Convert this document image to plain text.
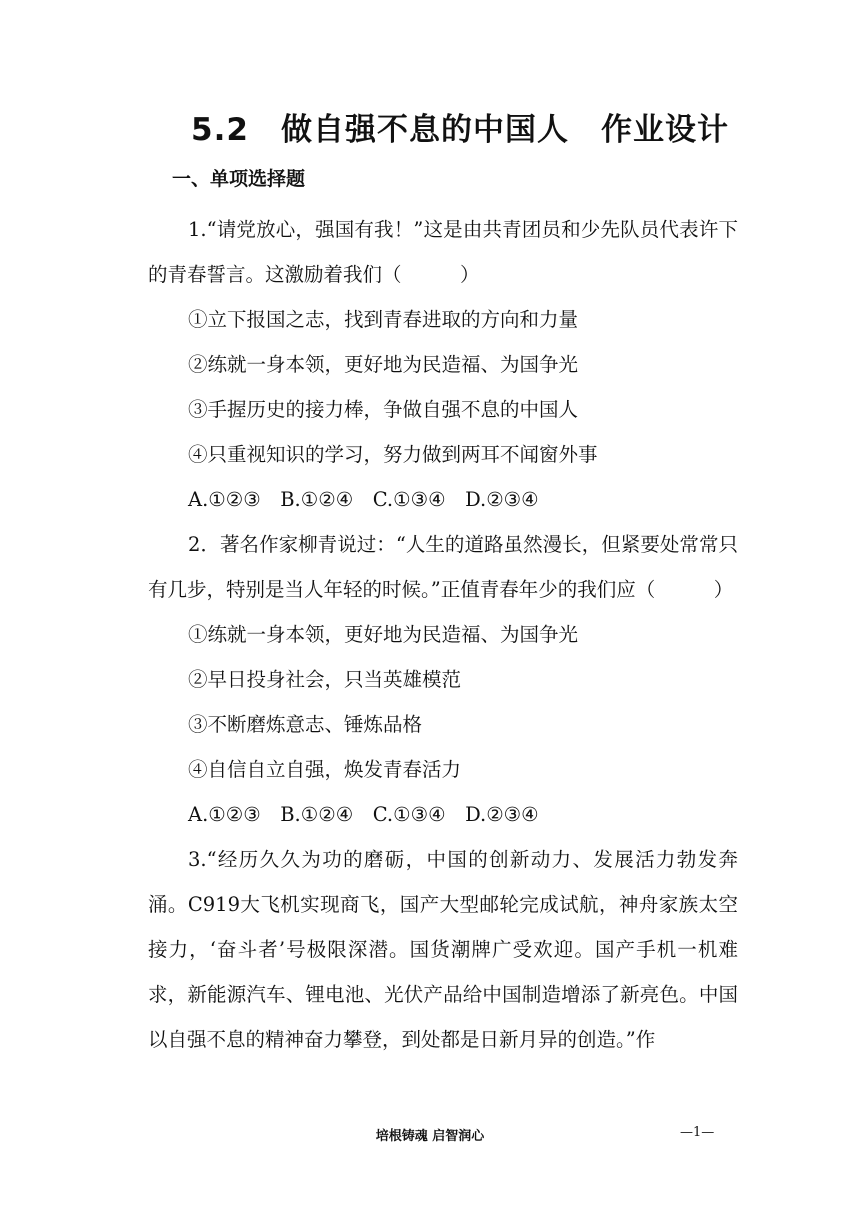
5.2　做自强不息的中国人　作业设计
一、单项选择题

1.“请党放心，强国有我！”这是由共青团员和少先队员代表许下的青春誓言。这激励着我们（　　　）

①立下报国之志，找到青春进取的方向和力量

②练就一身本领，更好地为民造福、为国争光

③手握历史的接力棒，争做自强不息的中国人

④只重视知识的学习，努力做到两耳不闻窗外事

A.①②③　B.①②④　C.①③④　D.②③④

2．著名作家柳青说过：“人生的道路虽然漫长，但紧要处常常只有几步，特别是当人年轻的时候。”正值青春年少的我们应（　　　）

①练就一身本领，更好地为民造福、为国争光

②早日投身社会，只当英雄模范

③不断磨炼意志、锤炼品格

④自信自立自强，焕发青春活力

A.①②③　B.①②④　C.①③④　D.②③④

3.“经历久久为功的磨砺，中国的创新动力、发展活力勃发奔涌。C919大飞机实现商飞，国产大型邮轮完成试航，神舟家族太空接力，‘奋斗者’号极限深潜。国货潮牌广受欢迎。国产手机一机难求，新能源汽车、锂电池、光伏产品给中国制造增添了新亮色。中国以自强不息的精神奋力攀登，到处都是日新月异的创造。”作

培根铸魂 启智润心	—1—
